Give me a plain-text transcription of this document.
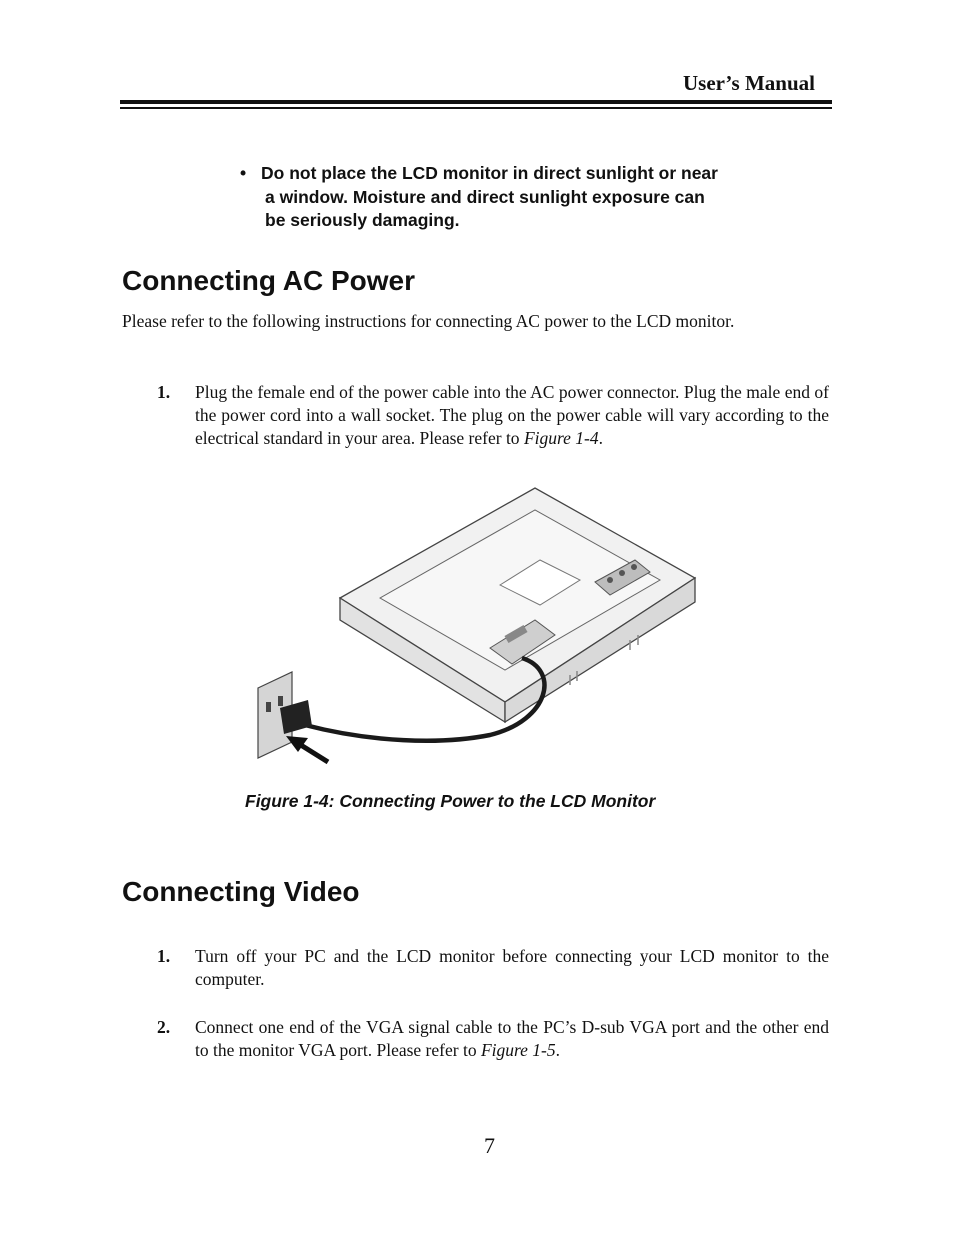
User’s Manual
• Do not place the LCD monitor in direct sunlight or near
a window. Moisture and direct sunlight exposure can
be seriously damaging.
Connecting AC Power
Please refer to the following instructions for connecting AC power to the LCD monitor.
1. Plug the female end of the power cable into the AC power connector. Plug the male end of the power cord into a wall socket. The plug on the power cable will vary according to the electrical standard in your area. Please refer to Figure 1-4.
Figure 1-4: Connecting Power to the LCD Monitor
Connecting Video
1. Turn off your PC and the LCD monitor before connecting your LCD monitor to the computer.
2. Connect one end of the VGA signal cable to the PC’s D-sub VGA port and the other end to the monitor VGA port. Please refer to Figure 1-5.
7
